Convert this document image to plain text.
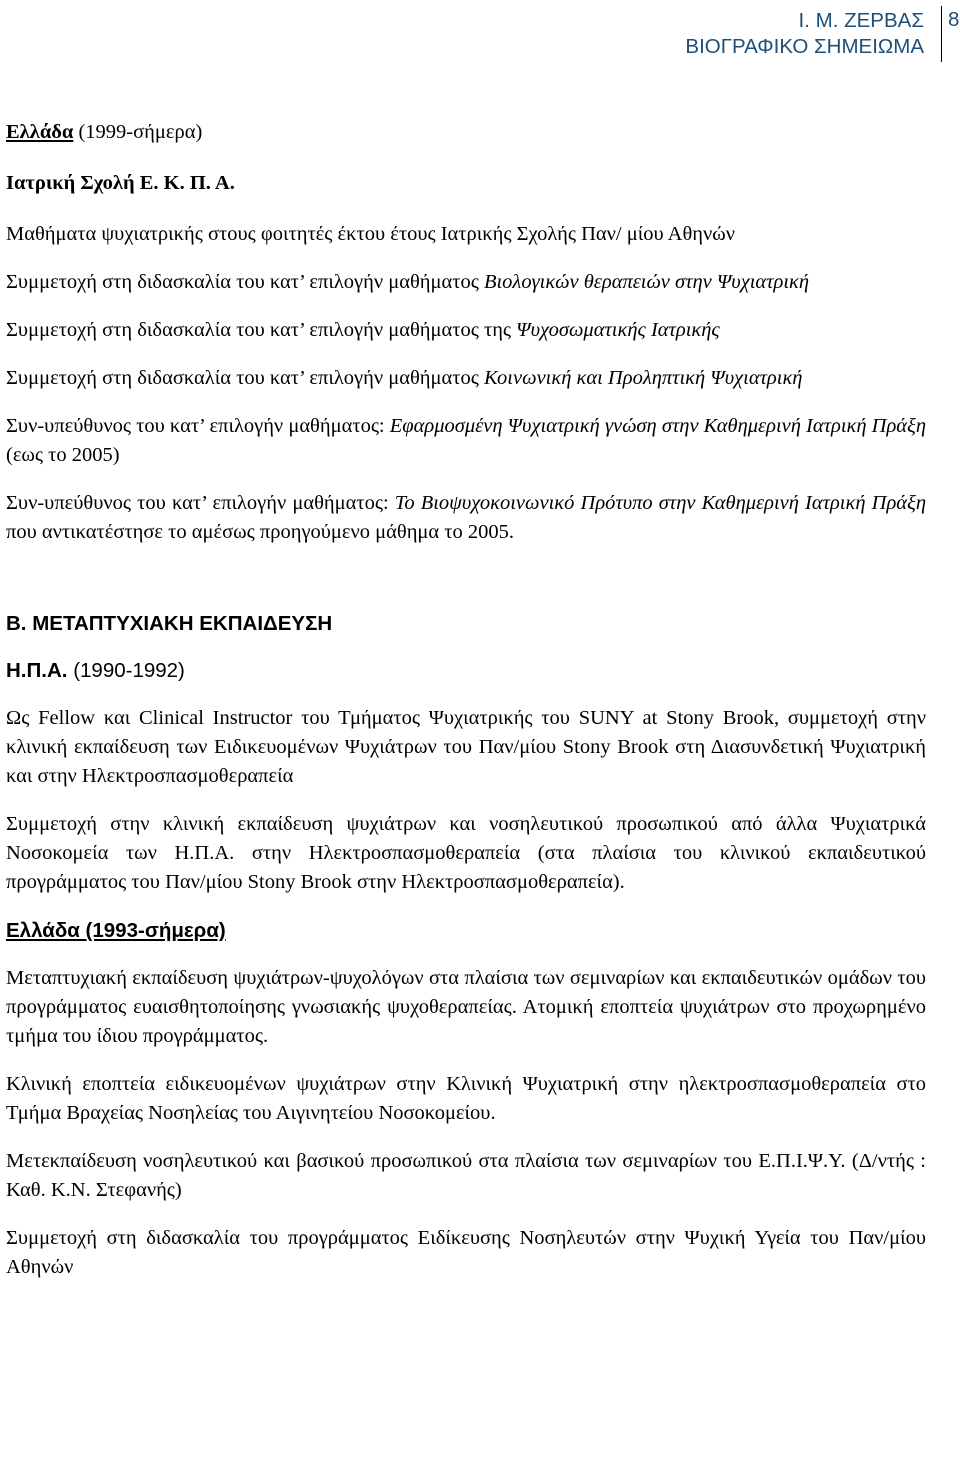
Ι. Μ. ΖΕΡΒΑΣ
ΒΙΟΓΡΑΦΙΚΟ ΣΗΜΕΙΩΜΑ
8

Ελλάδα (1999-σήμερα)

Ιατρική Σχολή Ε. Κ. Π. Α.

Μαθήματα ψυχιατρικής στους φοιτητές έκτου έτους Ιατρικής Σχολής Παν/ μίου Αθηνών

Συμμετοχή στη διδασκαλία του κατ’ επιλογήν μαθήματος Βιολογικών θεραπειών στην Ψυχιατρική

Συμμετοχή στη διδασκαλία του κατ’ επιλογήν μαθήματος της Ψυχοσωματικής Ιατρικής

Συμμετοχή στη διδασκαλία του κατ’ επιλογήν μαθήματος Κοινωνική και Προληπτική Ψυχιατρική

Συν-υπεύθυνος του κατ’ επιλογήν μαθήματος: Εφαρμοσμένη Ψυχιατρική γνώση στην Καθημερινή Ιατρική Πράξη (εως το 2005)

Συν-υπεύθυνος του κατ’ επιλογήν μαθήματος: Το Βιοψυχοκοινωνικό Πρότυπο στην Καθημερινή Ιατρική Πράξη που αντικατέστησε το αμέσως προηγούμενο μάθημα το 2005.

Β. ΜΕΤΑΠΤΥΧΙΑΚΗ ΕΚΠΑΙΔΕΥΣΗ

Η.Π.Α. (1990-1992)

Ως Fellow και Clinical Instructor του Τμήματος Ψυχιατρικής του SUNY at Stony Brook, συμμετοχή στην κλινική εκπαίδευση των Ειδικευομένων Ψυχιάτρων του Παν/μίου Stony Brook στη Διασυνδετική Ψυχιατρική και στην Ηλεκτροσπασμοθεραπεία

Συμμετοχή στην κλινική εκπαίδευση ψυχιάτρων και νοσηλευτικού προσωπικού από άλλα Ψυχιατρικά Νοσοκομεία των Η.Π.Α. στην Ηλεκτροσπασμοθεραπεία (στα πλαίσια του κλινικού εκπαιδευτικού προγράμματος του Παν/μίου Stony Brook στην Ηλεκτροσπασμοθεραπεία).

Ελλάδα (1993-σήμερα)

Μεταπτυχιακή εκπαίδευση ψυχιάτρων-ψυχολόγων στα πλαίσια των σεμιναρίων και εκπαιδευτικών ομάδων του προγράμματος ευαισθητοποίησης γνωσιακής ψυχοθεραπείας. Ατομική εποπτεία ψυχιάτρων στο προχωρημένο τμήμα του ίδιου προγράμματος.

Κλινική εποπτεία ειδικευομένων ψυχιάτρων στην Κλινική Ψυχιατρική στην ηλεκτροσπασμοθεραπεία στο Τμήμα Βραχείας Νοσηλείας του Αιγινητείου Νοσοκομείου.

Μετεκπαίδευση νοσηλευτικού και βασικού προσωπικού στα πλαίσια των σεμιναρίων του Ε.Π.Ι.Ψ.Υ. (Δ/ντής : Καθ. Κ.Ν. Στεφανής)

Συμμετοχή στη διδασκαλία του προγράμματος Ειδίκευσης Νοσηλευτών στην Ψυχική Υγεία του Παν/μίου Αθηνών
